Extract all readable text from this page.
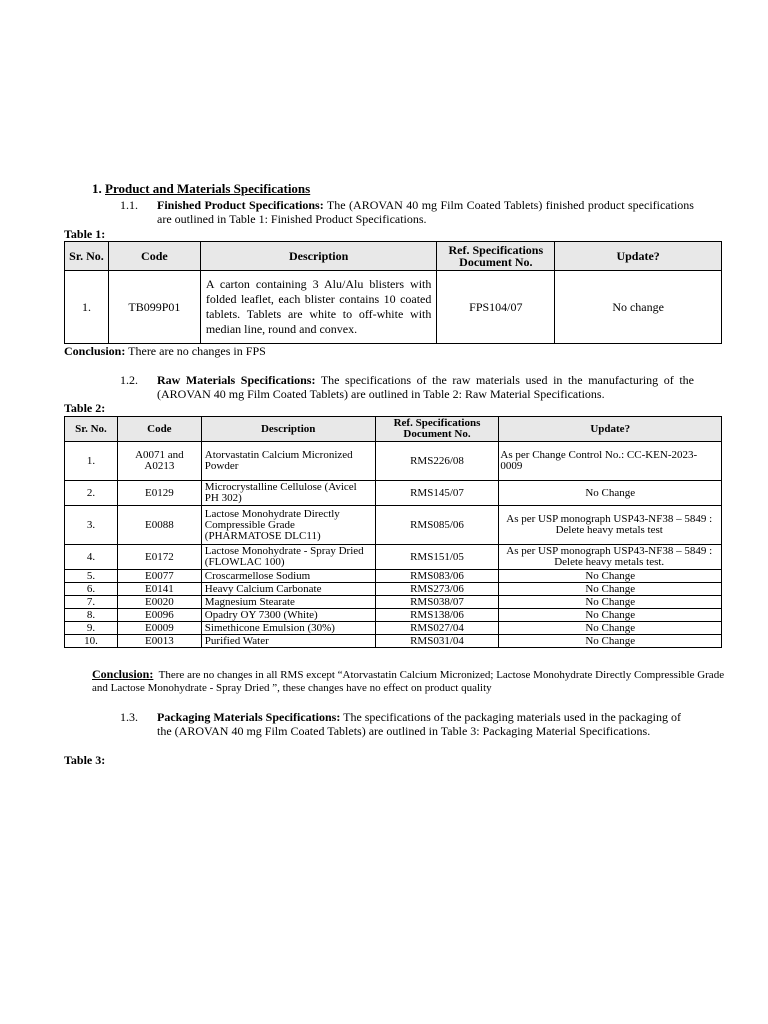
1. Product and Materials Specifications
1.1. Finished Product Specifications: The (AROVAN 40 mg Film Coated Tablets) finished product specifications are outlined in Table 1: Finished Product Specifications.
Table 1:
Sr. No.	Code	Description	Ref. Specifications Document No.	Update?
1.	TB099P01	A carton containing 3 Alu/Alu blisters with folded leaflet, each blister contains 10 coated tablets. Tablets are white to off-white with median line, round and convex.	FPS104/07	No change
Conclusion: There are no changes in FPS
1.2. Raw Materials Specifications: The specifications of the raw materials used in the manufacturing of the (AROVAN 40 mg Film Coated Tablets) are outlined in Table 2: Raw Material Specifications.
Table 2:
Sr. No.	Code	Description	Ref. Specifications Document No.	Update?
1.	A0071 and A0213	Atorvastatin Calcium Micronized Powder	RMS226/08	As per Change Control No.: CC-KEN-2023-0009
2.	E0129	Microcrystalline Cellulose (Avicel PH 302)	RMS145/07	No Change
3.	E0088	Lactose Monohydrate Directly Compressible Grade (PHARMATOSE DLC11)	RMS085/06	As per USP monograph USP43-NF38 – 5849 : Delete heavy metals test
4.	E0172	Lactose Monohydrate - Spray Dried (FLOWLAC 100)	RMS151/05	As per USP monograph USP43-NF38 – 5849 : Delete heavy metals test.
5.	E0077	Croscarmellose Sodium	RMS083/06	No Change
6.	E0141	Heavy Calcium Carbonate	RMS273/06	No Change
7.	E0020	Magnesium Stearate	RMS038/07	No Change
8.	E0096	Opadry OY 7300 (White)	RMS138/06	No Change
9.	E0009	Simethicone Emulsion (30%)	RMS027/04	No Change
10.	E0013	Purified Water	RMS031/04	No Change
Conclusion: There are no changes in all RMS except “Atorvastatin Calcium Micronized; Lactose Monohydrate Directly Compressible Grade and Lactose Monohydrate - Spray Dried ”, these changes have no effect on product quality
1.3. Packaging Materials Specifications: The specifications of the packaging materials used in the packaging of the (AROVAN 40 mg Film Coated Tablets) are outlined in Table 3: Packaging Material Specifications.
Table 3:
